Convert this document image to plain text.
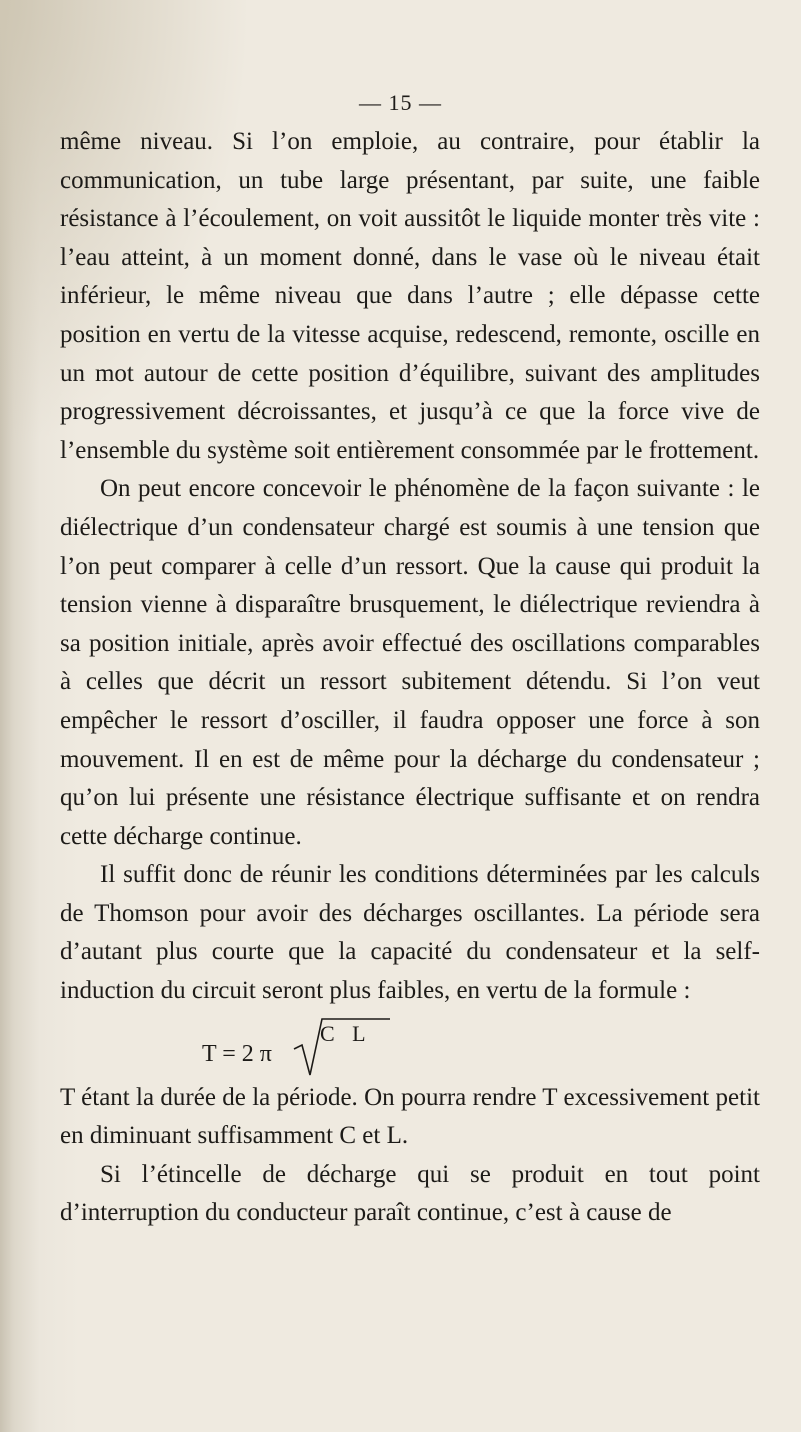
— 15 —

même niveau. Si l’on emploie, au contraire, pour établir la communication, un tube large présentant, par suite, une faible résistance à l’écoulement, on voit aussitôt le liquide monter très vite : l’eau atteint, à un moment donné, dans le vase où le niveau était inférieur, le même niveau que dans l’autre ; elle dépasse cette position en vertu de la vitesse acquise, redescend, remonte, oscille en un mot autour de cette position d’équilibre, suivant des amplitudes progressivement décroissantes, et jusqu’à ce que la force vive de l’ensemble du système soit entièrement consommée par le frottement.

On peut encore concevoir le phénomène de la façon suivante : le diélectrique d’un condensateur chargé est soumis à une tension que l’on peut comparer à celle d’un ressort. Que la cause qui produit la tension vienne à disparaître brusquement, le diélectrique reviendra à sa position initiale, après avoir effectué des oscillations comparables à celles que décrit un ressort subitement détendu. Si l’on veut empêcher le ressort d’osciller, il faudra opposer une force à son mouvement. Il en est de même pour la décharge du condensateur ; qu’on lui présente une résistance électrique suffisante et on rendra cette décharge continue.

Il suffit donc de réunir les conditions déterminées par les calculs de Thomson pour avoir des décharges oscillantes. La période sera d’autant plus courte que la capacité du condensateur et la self-induction du circuit seront plus faibles, en vertu de la formule :

T = 2 π
C L

T étant la durée de la période. On pourra rendre T excessivement petit en diminuant suffisamment C et L.

Si l’étincelle de décharge qui se produit en tout point d’interruption du conducteur paraît continue, c’est à cause de
